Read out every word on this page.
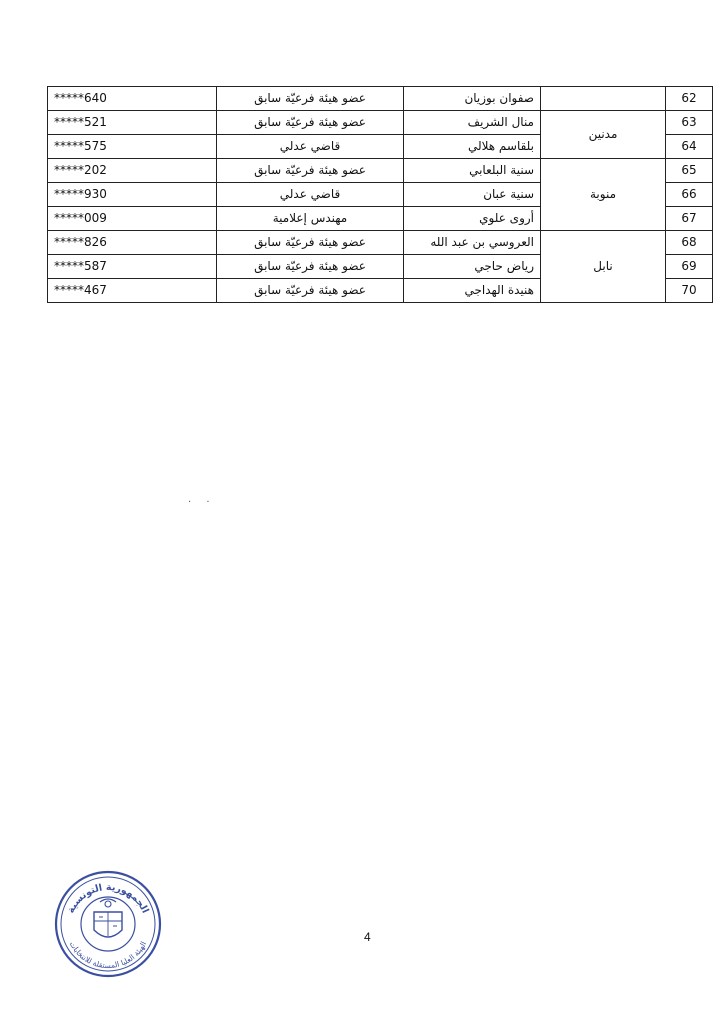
62		صفوان بوزيان	عضو هيئة فرعيّة سابق	*****640
63	مدنين	منال الشريف	عضو هيئة فرعيّة سابق	*****521
64		بلقاسم هلالي	قاضي عدلي	*****575
65	منوبة	سنية البلعابي	عضو هيئة فرعيّة سابق	*****202
66		سنية عبان	قاضي عدلي	*****930
67		أروى علوي	مهندس إعلامية	*****009
68	نابل	العروسي بن عبد الله	عضو هيئة فرعيّة سابق	*****826
69		رياض حاجي	عضو هيئة فرعيّة سابق	*****587
70		هنيدة الهداجي	عضو هيئة فرعيّة سابق	*****467
· ·
الجمهورية التونسية
الهيئة العليا المستقلة للانتخابات	4
